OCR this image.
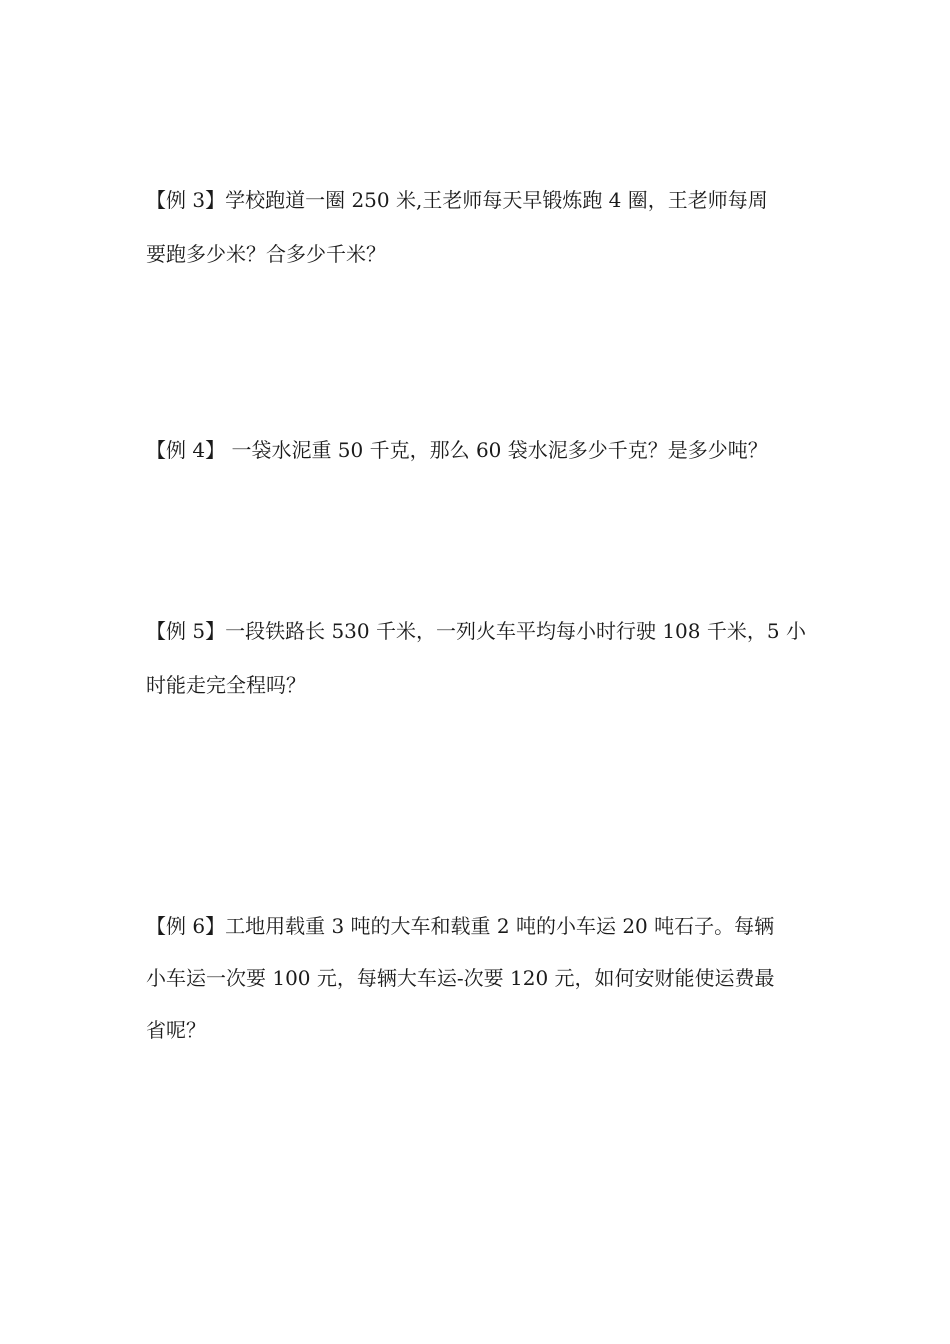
【例 3】学校跑道一圈 250 米,王老师每天早锻炼跑 4 圈，王老师每周
要跑多少米？合多少千米？
【例 4】 一袋水泥重 50 千克，那么 60 袋水泥多少千克？是多少吨？
【例 5】一段铁路长 530 千米，一列火车平均每小时行驶 108 千米，5 小
时能走完全程吗？
【例 6】工地用载重 3 吨的大车和载重 2 吨的小车运 20 吨石子。每辆
小车运一次要 100 元，每辆大车运-次要 120 元，如何安财能使运费最
省呢？
